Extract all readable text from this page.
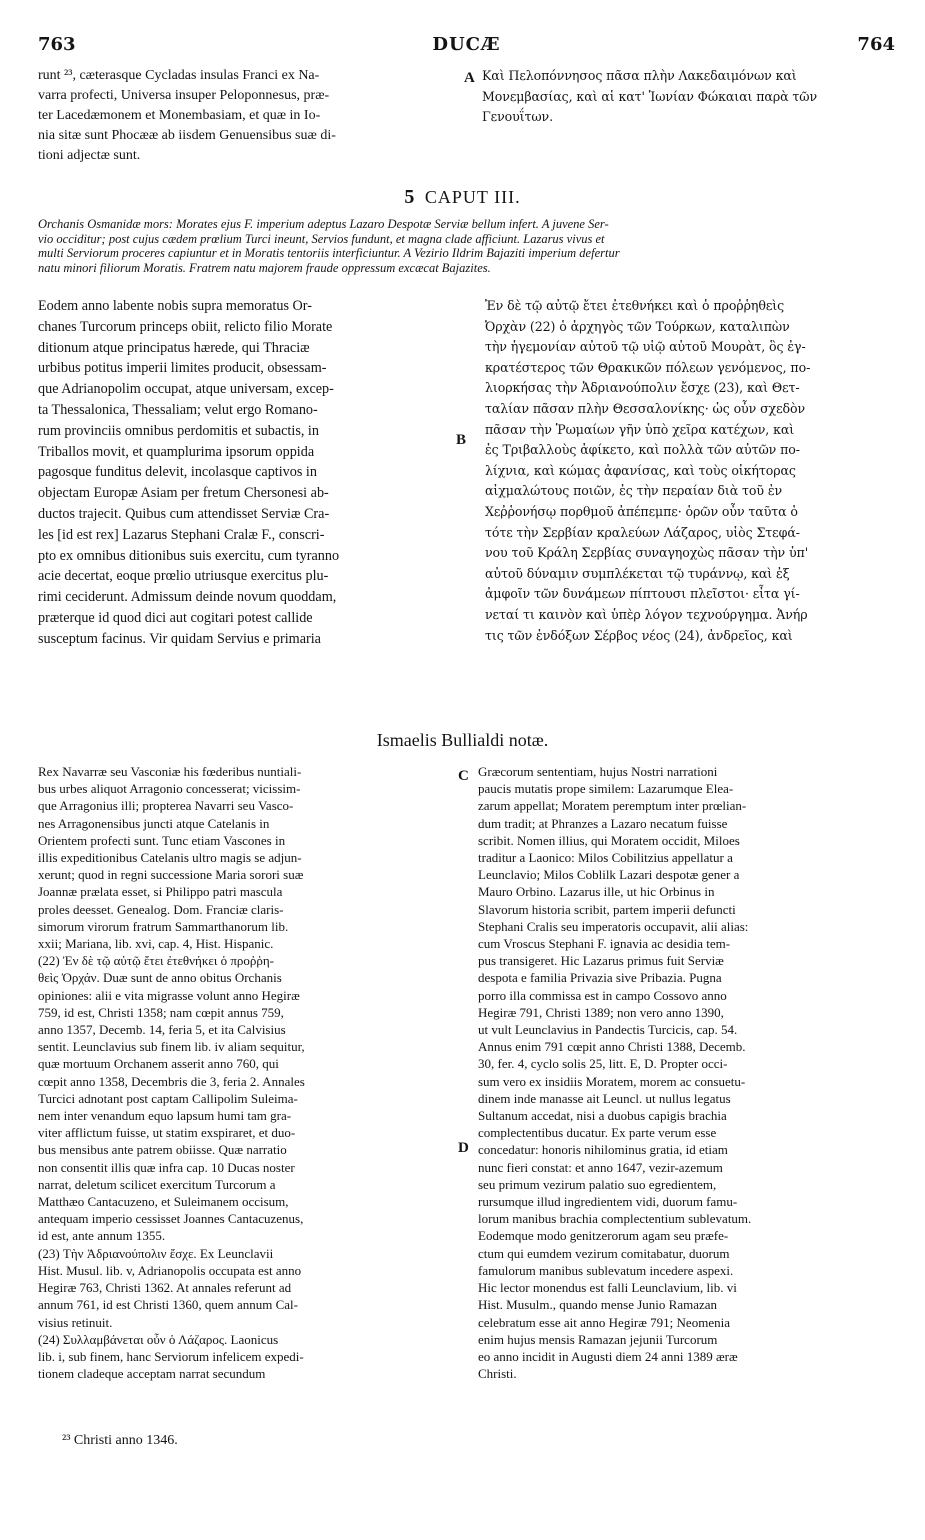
763	DUCÆ	764
runt ²³, cæterasque Cycladas insulas Franci ex Na-
varra profecti, Universa insuper Peloponnesus, præ-
ter Lacedæmonem et Monembasiam, et quæ in Io-
nia sitæ sunt Phocææ ab iisdem Genuensibus suæ di-
tioni adjectæ sunt.
Καὶ Πελοπόννησος πᾶσα πλὴν Λακεδαιμόνων καὶ
Μονεμβασίας, καὶ αἱ κατ' Ἰωνίαν Φώκαιαι παρὰ τῶν
Γενουΐτων.
A
5 CAPUT III.
Orchanis Osmanidæ mors: Morates ejus F. imperium adeptus Lazaro Despotæ Serviæ bellum infert. A juvene Ser-
vio occiditur; post cujus cædem prœlium Turci ineunt, Servios fundunt, et magna clade afficiunt. Lazarus vivus et
multi Serviorum proceres capiuntur et in Moratis tentoriis interficiuntur. A Vezirio Ildrim Bajaziti imperium defertur
natu minori filiorum Moratis. Fratrem natu majorem fraude oppressum excæcat Bajazites.
Eodem anno labente nobis supra memoratus Or-
chanes Turcorum princeps obiit, relicto filio Morate
ditionum atque principatus hærede, qui Thraciæ
urbibus potitus imperii limites producit, obsessam-
que Adrianopolim occupat, atque universam, excep-
ta Thessalonica, Thessaliam; velut ergo Romano-
rum provinciis omnibus perdomitis et subactis, in
Triballos movit, et quamplurima ipsorum oppida
pagosque funditus delevit, incolasque captivos in
objectam Europæ Asiam per fretum Chersonesi ab-
ductos trajecit. Quibus cum attendisset Serviæ Cra-
les [id est rex] Lazarus Stephani Cralæ F., conscri-
pto ex omnibus ditionibus suis exercitu, cum tyranno
acie decertat, eoque prœlio utriusque exercitus plu-
rimi ceciderunt. Admissum deinde novum quoddam,
præterque id quod dici aut cogitari potest callide
susceptum facinus. Vir quidam Servius e primaria
Ἐν δὲ τῷ αὐτῷ ἔτει ἐτεθνήκει καὶ ὁ προῤῥηθεὶς
Ὀρχὰν (22) ὁ ἀρχηγὸς τῶν Τούρκων, καταλιπὼν
τὴν ἡγεμονίαν αὐτοῦ τῷ υἱῷ αὐτοῦ Μουρὰτ, ὃς ἐγ-
κρατέστερος τῶν Θρακικῶν πόλεων γενόμενος, πο-
λιορκήσας τὴν Ἀδριανούπολιν ἔσχε (23), καὶ Θετ-
ταλίαν πᾶσαν πλὴν Θεσσαλονίκης· ὡς οὖν σχεδὸν
πᾶσαν τὴν Ῥωμαίων γῆν ὑπὸ χεῖρα κατέχων, καὶ
ἐς Τριβαλλοὺς ἀφίκετο, καὶ πολλὰ τῶν αὐτῶν πο-
λίχνια, καὶ κώμας ἀφανίσας, καὶ τοὺς οἰκήτορας
αἰχμαλώτους ποιῶν, ἐς τὴν περαίαν διὰ τοῦ ἐν
Χεῤῥονήσῳ πορθμοῦ ἀπέπεμπε· ὁρῶν οὖν ταῦτα ὁ
τότε τὴν Σερβίαν κραλεύων Λάζαρος, υἱὸς Στεφά-
νου τοῦ Κράλη Σερβίας συναγηοχὼς πᾶσαν τὴν ὑπ'
αὐτοῦ δύναμιν συμπλέκεται τῷ τυράννῳ, καὶ ἐξ
ἀμφοῖν τῶν δυνάμεων πίπτουσι πλεῖστοι· εἶτα γί-
νεταί τι καινὸν καὶ ὑπὲρ λόγον τεχνούργημα. Ἀνήρ
τις τῶν ἐνδόξων Σέρβος νέος (24), ἀνδρεῖος, καὶ
B
Ismaelis Bullialdi notæ.
Rex Navarræ seu Vasconiæ his fœderibus nuntiali-
bus urbes aliquot Arragonio concesserat; vicissim-
que Arragonius illi; propterea Navarri seu Vasco-
nes Arragonensibus juncti atque Catelanis in
Orientem profecti sunt. Tunc etiam Vascones in
illis expeditionibus Catelanis ultro magis se adjun-
xerunt; quod in regni successione Maria sorori suæ
Joannæ prælata esset, si Philippo patri mascula
proles deesset. Genealog. Dom. Franciæ claris-
simorum virorum fratrum Sammarthanorum lib.
xxii; Mariana, lib. xvi, cap. 4, Hist. Hispanic.
(22) Ἐν δὲ τῷ αὐτῷ ἔτει ἐτεθνήκει ὁ προῤῥη-
θεὶς Ὀρχάν. Duæ sunt de anno obitus Orchanis
opiniones: alii e vita migrasse volunt anno Hegiræ
759, id est, Christi 1358; nam cœpit annus 759,
anno 1357, Decemb. 14, feria 5, et ita Calvisius
sentit. Leunclavius sub finem lib. iv aliam sequitur,
quæ mortuum Orchanem asserit anno 760, qui
cœpit anno 1358, Decembris die 3, feria 2. Annales
Turcici adnotant post captam Callipolim Suleima-
nem inter venandum equo lapsum humi tam gra-
viter afflictum fuisse, ut statim exspiraret, et duo-
bus mensibus ante patrem obiisse. Quæ narratio
non consentit illis quæ infra cap. 10 Ducas noster
narrat, deletum scilicet exercitum Turcorum a
Matthæo Cantacuzeno, et Suleimanem occisum,
antequam imperio cessisset Joannes Cantacuzenus,
id est, ante annum 1355.
(23) Τὴν Ἀδριανούπολιν ἔσχε. Ex Leunclavii
Hist. Musul. lib. v, Adrianopolis occupata est anno
Hegiræ 763, Christi 1362. At annales referunt ad
annum 761, id est Christi 1360, quem annum Cal-
visius retinuit.
(24) Συλλαμβάνεται οὖν ὁ Λάζαρος. Laonicus
lib. i, sub finem, hanc Serviorum infelicem expedi-
tionem cladeque acceptam narrat secundum
Græcorum sententiam, hujus Nostri narrationi
paucis mutatis prope similem: Lazarumque Elea-
zarum appellat; Moratem peremptum inter prœlian-
dum tradit; at Phranzes a Lazaro necatum fuisse
scribit. Nomen illius, qui Moratem occidit, Miloes
traditur a Laonico: Milos Cobilitzius appellatur a
Leunclavio; Milos Coblilk Lazari despotæ gener a
Mauro Orbino. Lazarus ille, ut hic Orbinus in
Slavorum historia scribit, partem imperii defuncti
Stephani Cralis seu imperatoris occupavit, alii alias:
cum Vroscus Stephani F. ignavia ac desidia tem-
pus transigeret. Hic Lazarus primus fuit Serviæ
despota e familia Privazia sive Pribazia. Pugna
porro illa commissa est in campo Cossovo anno
Hegiræ 791, Christi 1389; non vero anno 1390,
ut vult Leunclavius in Pandectis Turcicis, cap. 54.
Annus enim 791 cœpit anno Christi 1388, Decemb.
30, fer. 4, cyclo solis 25, litt. E, D. Propter occi-
sum vero ex insidiis Moratem, morem ac consuetu-
dinem inde manasse ait Leuncl. ut nullus legatus
Sultanum accedat, nisi a duobus capigis brachia
complectentibus ducatur. Ex parte verum esse
concedatur: honoris nihilominus gratia, id etiam
nunc fieri constat: et anno 1647, vezir-azemum
seu primum vezirum palatio suo egredientem,
rursumque illud ingredientem vidi, duorum famu-
lorum manibus brachia complectentium sublevatum.
Eodemque modo genitzerorum agam seu præfe-
ctum qui eumdem vezirum comitabatur, duorum
famulorum manibus sublevatum incedere aspexi.
Hic lector monendus est falli Leunclavium, lib. vi
Hist. Musulm., quando mense Junio Ramazan
celebratum esse ait anno Hegiræ 791; Neomenia
enim hujus mensis Ramazan jejunii Turcorum
eo anno incidit in Augusti diem 24 anni 1389 æræ
Christi.
C
D
²³ Christi anno 1346.
